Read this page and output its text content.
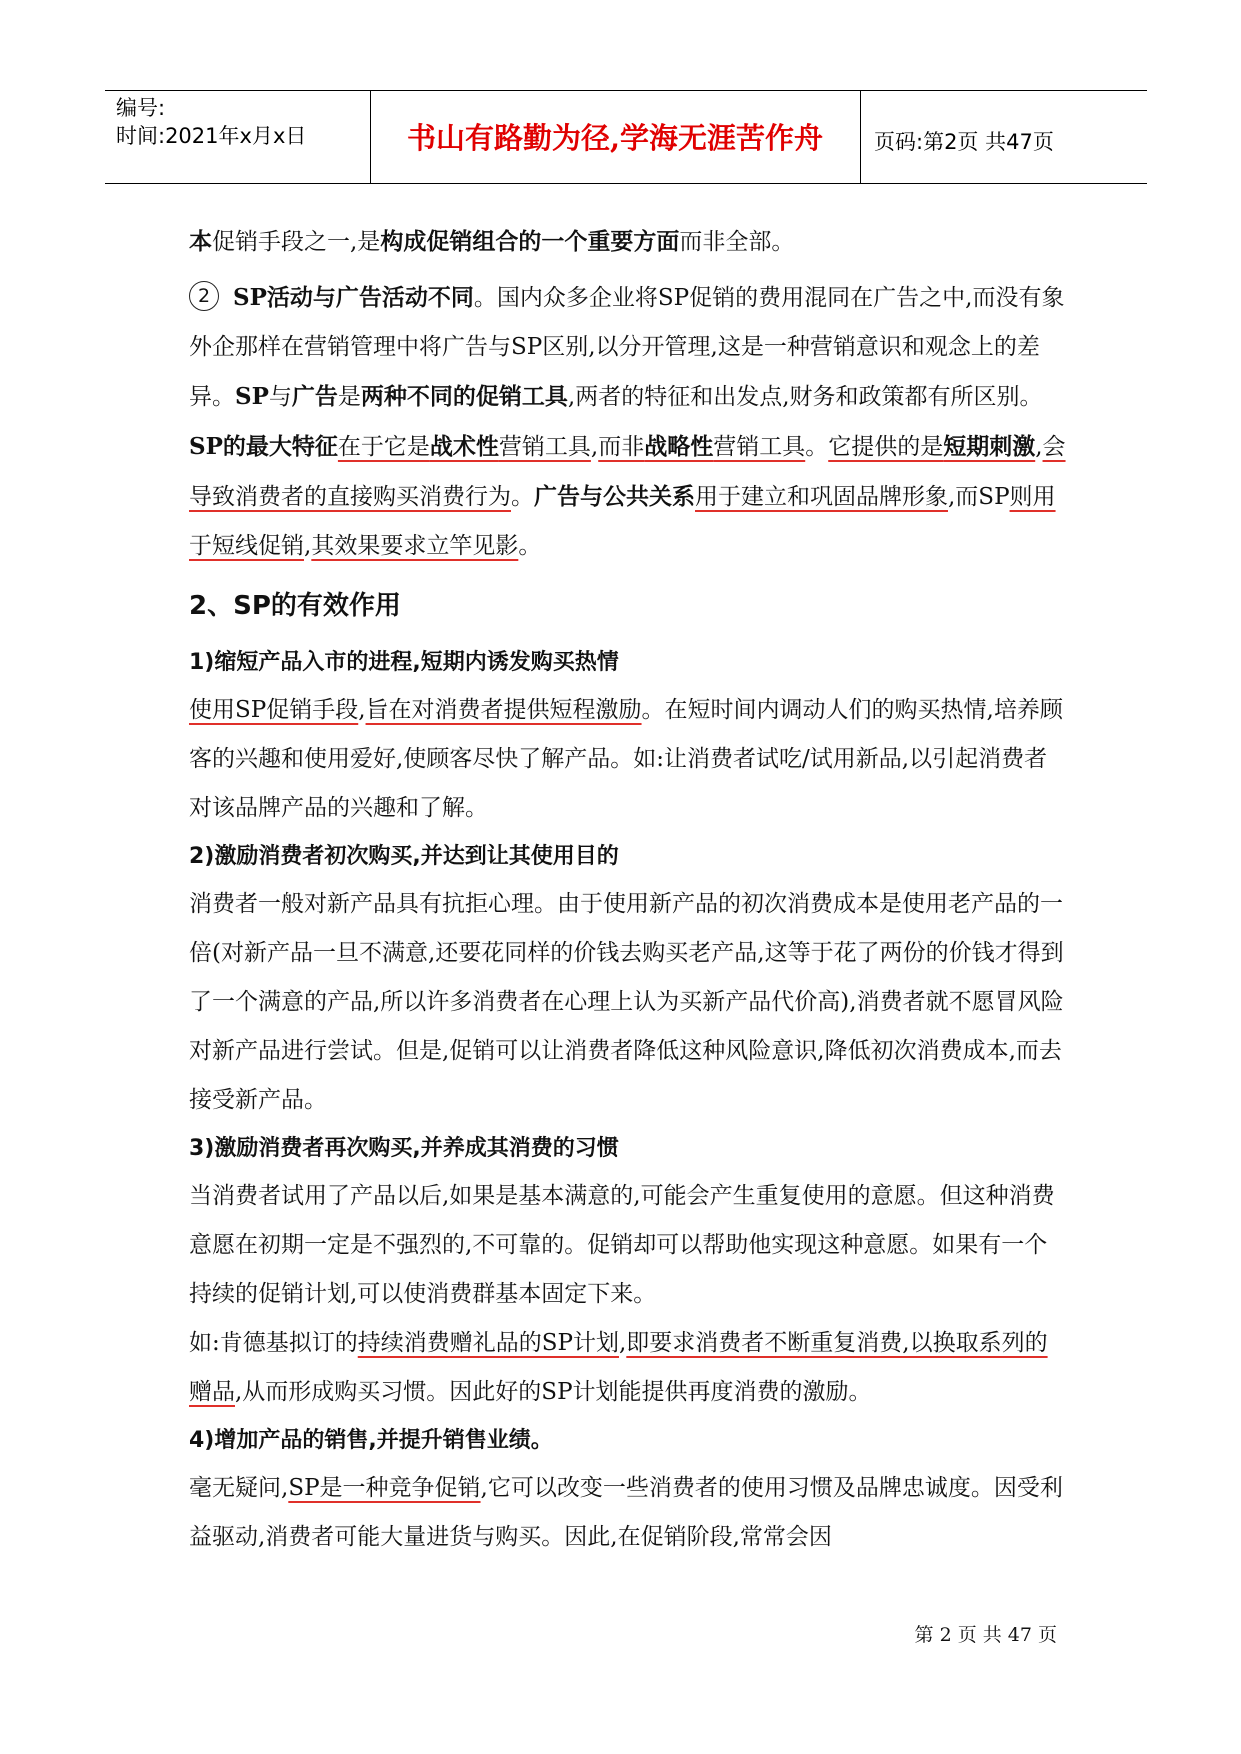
编号:
时间:2021年x月x日	书山有路勤为径,学海无涯苦作舟	页码:第2页 共47页

本促销手段之一,是构成促销组合的一个重要方面而非全部。

2 SP活动与广告活动不同。国内众多企业将SP促销的费用混同在广告之中,而没有象外企那样在营销管理中将广告与SP区别,以分开管理,这是一种营销意识和观念上的差异。SP与广告是两种不同的促销工具,两者的特征和出发点,财务和政策都有所区别。

SP的最大特征在于它是战术性营销工具,而非战略性营销工具。它提供的是短期刺激,会导致消费者的直接购买消费行为。广告与公共关系用于建立和巩固品牌形象,而SP则用于短线促销,其效果要求立竿见影。

2、SP的有效作用

1)缩短产品入市的进程,短期内诱发购买热情

使用SP促销手段,旨在对消费者提供短程激励。在短时间内调动人们的购买热情,培养顾客的兴趣和使用爱好,使顾客尽快了解产品。如:让消费者试吃/试用新品,以引起消费者对该品牌产品的兴趣和了解。

2)激励消费者初次购买,并达到让其使用目的

消费者一般对新产品具有抗拒心理。由于使用新产品的初次消费成本是使用老产品的一倍(对新产品一旦不满意,还要花同样的价钱去购买老产品,这等于花了两份的价钱才得到了一个满意的产品,所以许多消费者在心理上认为买新产品代价高),消费者就不愿冒风险对新产品进行尝试。但是,促销可以让消费者降低这种风险意识,降低初次消费成本,而去接受新产品。

3)激励消费者再次购买,并养成其消费的习惯

当消费者试用了产品以后,如果是基本满意的,可能会产生重复使用的意愿。但这种消费意愿在初期一定是不强烈的,不可靠的。促销却可以帮助他实现这种意愿。如果有一个持续的促销计划,可以使消费群基本固定下来。

如:肯德基拟订的持续消费赠礼品的SP计划,即要求消费者不断重复消费,以换取系列的赠品,从而形成购买习惯。因此好的SP计划能提供再度消费的激励。

4)增加产品的销售,并提升销售业绩。

毫无疑问,SP是一种竞争促销,它可以改变一些消费者的使用习惯及品牌忠诚度。因受利益驱动,消费者可能大量进货与购买。因此,在促销阶段,常常会因

第 2 页 共 47 页
